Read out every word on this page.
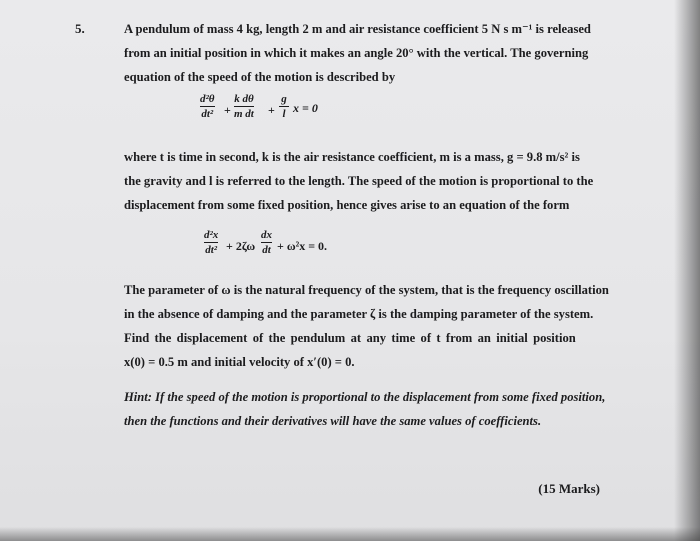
5.	A pendulum of mass 4 kg, length 2 m and air resistance coefficient 5 N s m⁻¹ is released
from an initial position in which it makes an angle 20° with the vertical. The governing
equation of the speed of the motion is described by
d²θ
dt² +
k dθ
m dt +
g
l x = 0
where t is time in second, k is the air resistance coefficient, m is a mass, g = 9.8 m/s² is
the gravity and l is referred to the length. The speed of the motion is proportional to the
displacement from some fixed position, hence gives arise to an equation of the form
d²x
dt² + 2ζω
dx
dt + ω²x = 0.
The parameter of ω is the natural frequency of the system, that is the frequency oscillation
in the absence of damping and the parameter ζ is the damping parameter of the system.
Find the displacement of the pendulum at any time of t from an initial position
x(0) = 0.5 m and initial velocity of x′(0) = 0.
Hint: If the speed of the motion is proportional to the displacement from some fixed position,
then the functions and their derivatives will have the same values of coefficients.
(15 Marks)
